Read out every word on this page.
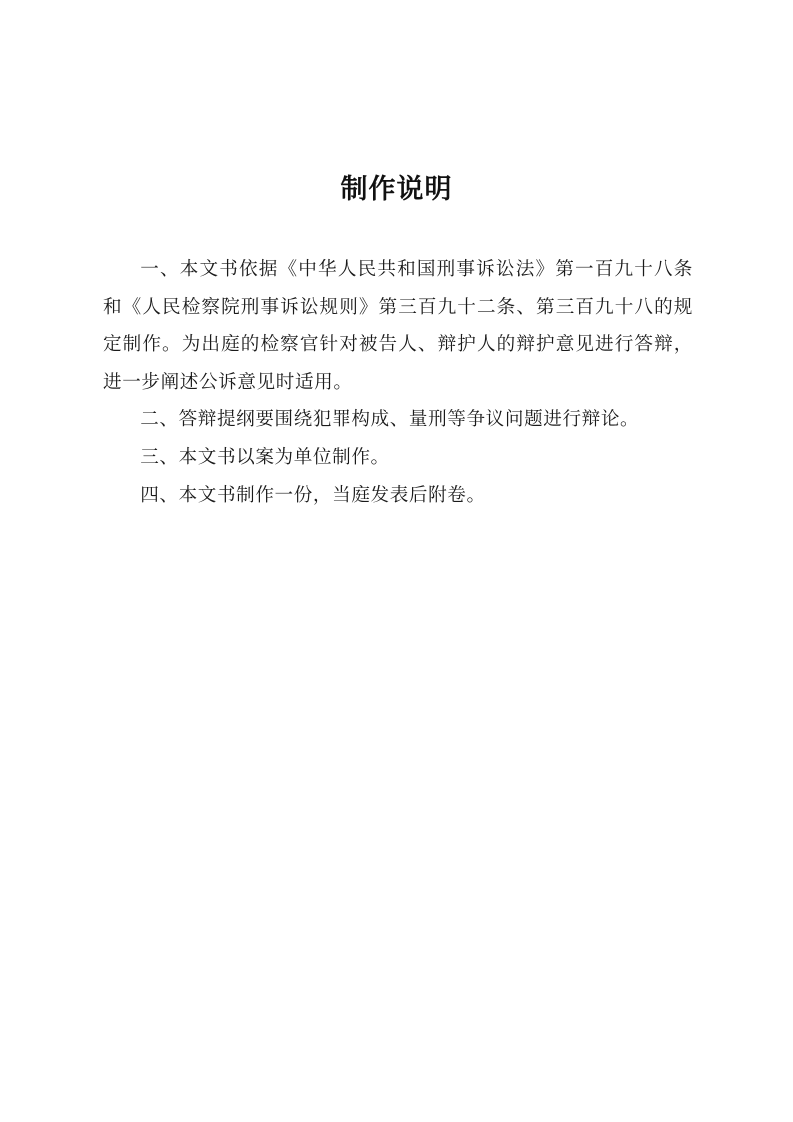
制作说明

一、本文书依据《中华人民共和国刑事诉讼法》第一百九十八条和《人民检察院刑事诉讼规则》第三百九十二条、第三百九十八的规定制作。为出庭的检察官针对被告人、辩护人的辩护意见进行答辩，进一步阐述公诉意见时适用。

二、答辩提纲要围绕犯罪构成、量刑等争议问题进行辩论。

三、本文书以案为单位制作。

四、本文书制作一份，当庭发表后附卷。
